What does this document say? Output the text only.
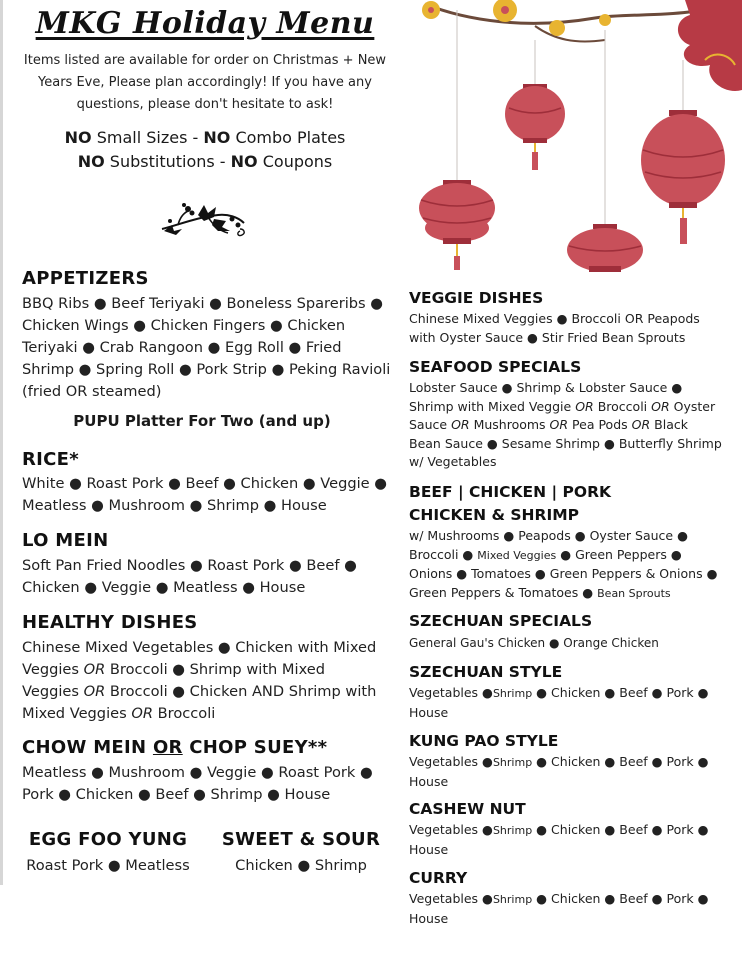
MKG Holiday Menu
Items listed are available for order on Christmas + New Years Eve, Please plan accordingly! If you have any questions, please don't hesitate to ask!
NO Small Sizes - NO Combo Plates
NO Substitutions - NO Coupons
APPETIZERS
BBQ Ribs ● Beef Teriyaki ● Boneless Spareribs ●
Chicken Wings ● Chicken Fingers ● Chicken
Teriyaki ● Crab Rangoon ● Egg Roll ● Fried
Shrimp ● Spring Roll ● Pork Strip ● Peking Ravioli
(fried OR steamed)
PUPU Platter For Two (and up)
RICE*
White ● Roast Pork ● Beef ● Chicken ● Veggie ●
Meatless ● Mushroom ● Shrimp ● House
LO MEIN
Soft Pan Fried Noodles ● Roast Pork ● Beef ●
Chicken ● Veggie ● Meatless ● House
HEALTHY DISHES
Chinese Mixed Vegetables ● Chicken with Mixed
Veggies OR Broccoli ● Shrimp with Mixed
Veggies OR Broccoli ● Chicken AND Shrimp with
Mixed Veggies OR Broccoli
CHOW MEIN OR CHOP SUEY**
Meatless ● Mushroom ● Veggie ● Roast Pork ●
Pork ● Chicken ● Beef ● Shrimp ● House
EGG FOO YUNG
Roast Pork ● Meatless
SWEET & SOUR
Chicken ● Shrimp
VEGGIE DISHES
Chinese Mixed Veggies ● Broccoli OR Peapods
with Oyster Sauce ● Stir Fried Bean Sprouts
SEAFOOD SPECIALS
Lobster Sauce ● Shrimp & Lobster Sauce ●
Shrimp with Mixed Veggie OR Broccoli OR Oyster
Sauce OR Mushrooms OR Pea Pods OR Black
Bean Sauce ● Sesame Shrimp ● Butterfly Shrimp
w/ Vegetables
BEEF | CHICKEN | PORK
CHICKEN & SHRIMP
w/ Mushrooms ● Peapods ● Oyster Sauce ●
Broccoli ● Mixed Veggies ● Green Peppers ●
Onions ● Tomatoes ● Green Peppers & Onions ●
Green Peppers & Tomatoes ● Bean Sprouts
SZECHUAN SPECIALS
General Gau's Chicken ● Orange Chicken
SZECHUAN STYLE
Vegetables ●Shrimp ● Chicken ● Beef ● Pork ●
House
KUNG PAO STYLE
Vegetables ●Shrimp ● Chicken ● Beef ● Pork ●
House
CASHEW NUT
Vegetables ●Shrimp ● Chicken ● Beef ● Pork ●
House
CURRY
Vegetables ●Shrimp ● Chicken ● Beef ● Pork ●
House
